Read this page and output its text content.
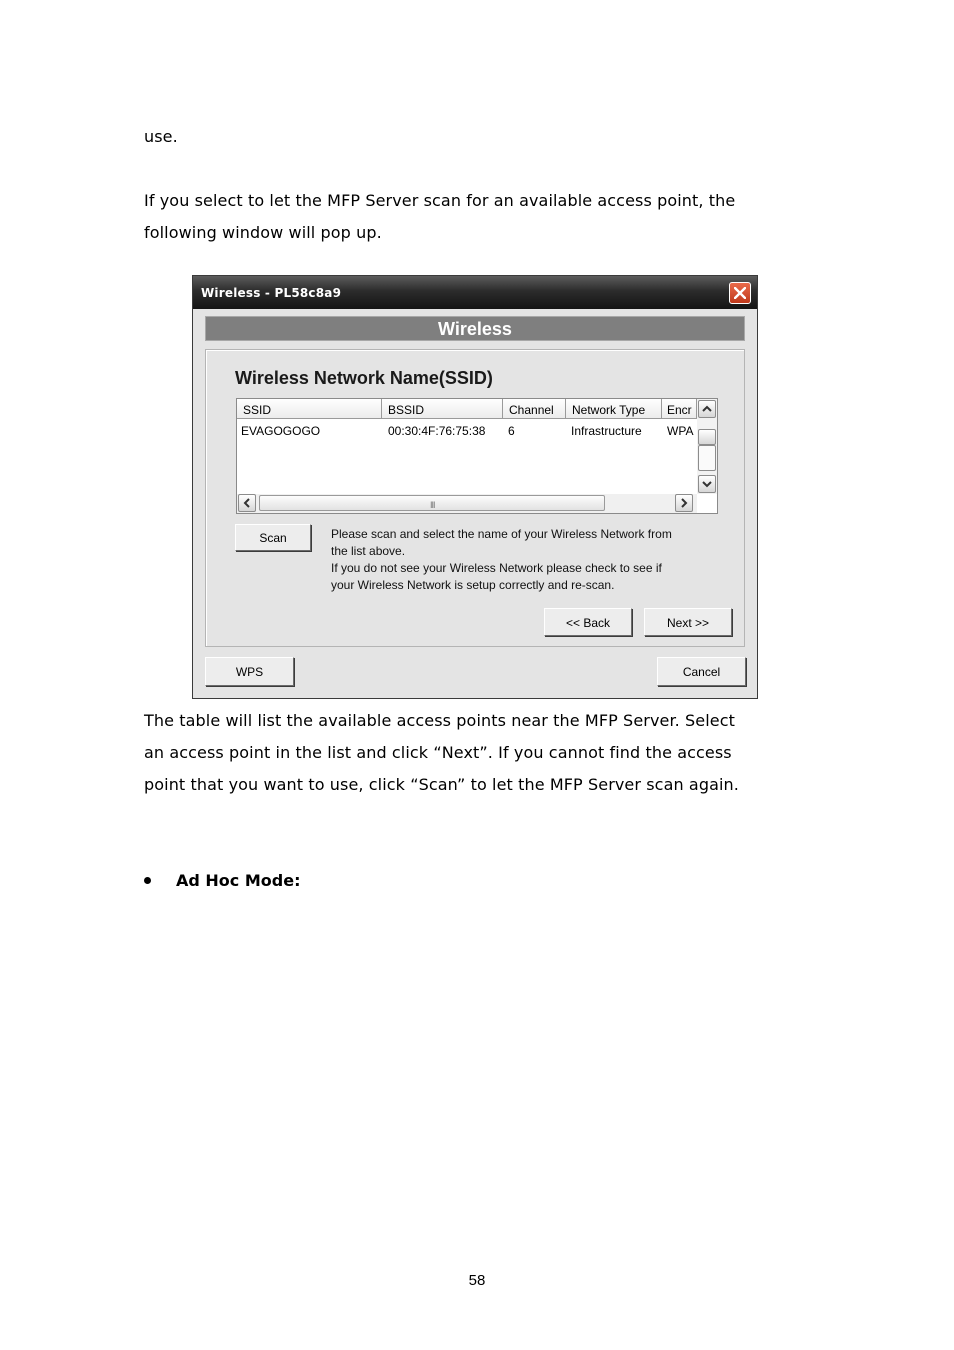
use.

If you select to let the MFP Server scan for an available access point, the

following window will pop up.

Wireless - PL58c8a9
Wireless
Wireless Network Name(SSID)
SSID	BSSID	Channel	Network Type	Encr
EVAGOGOGO	00:30:4F:76:75:38 6	Infrastructure WPA
III
Scan	Please scan and select the name of your Wireless Network from
the list above.
If you do not see your Wireless Network please check to see if
your Wireless Network is setup correctly and re-scan.
<< Back	Next >>
WPS	Cancel

The table will list the available access points near the MFP Server. Select

an access point in the list and click “Next”. If you cannot find the access

point that you want to use, click “Scan” to let the MFP Server scan again.

Ad Hoc Mode:
58
